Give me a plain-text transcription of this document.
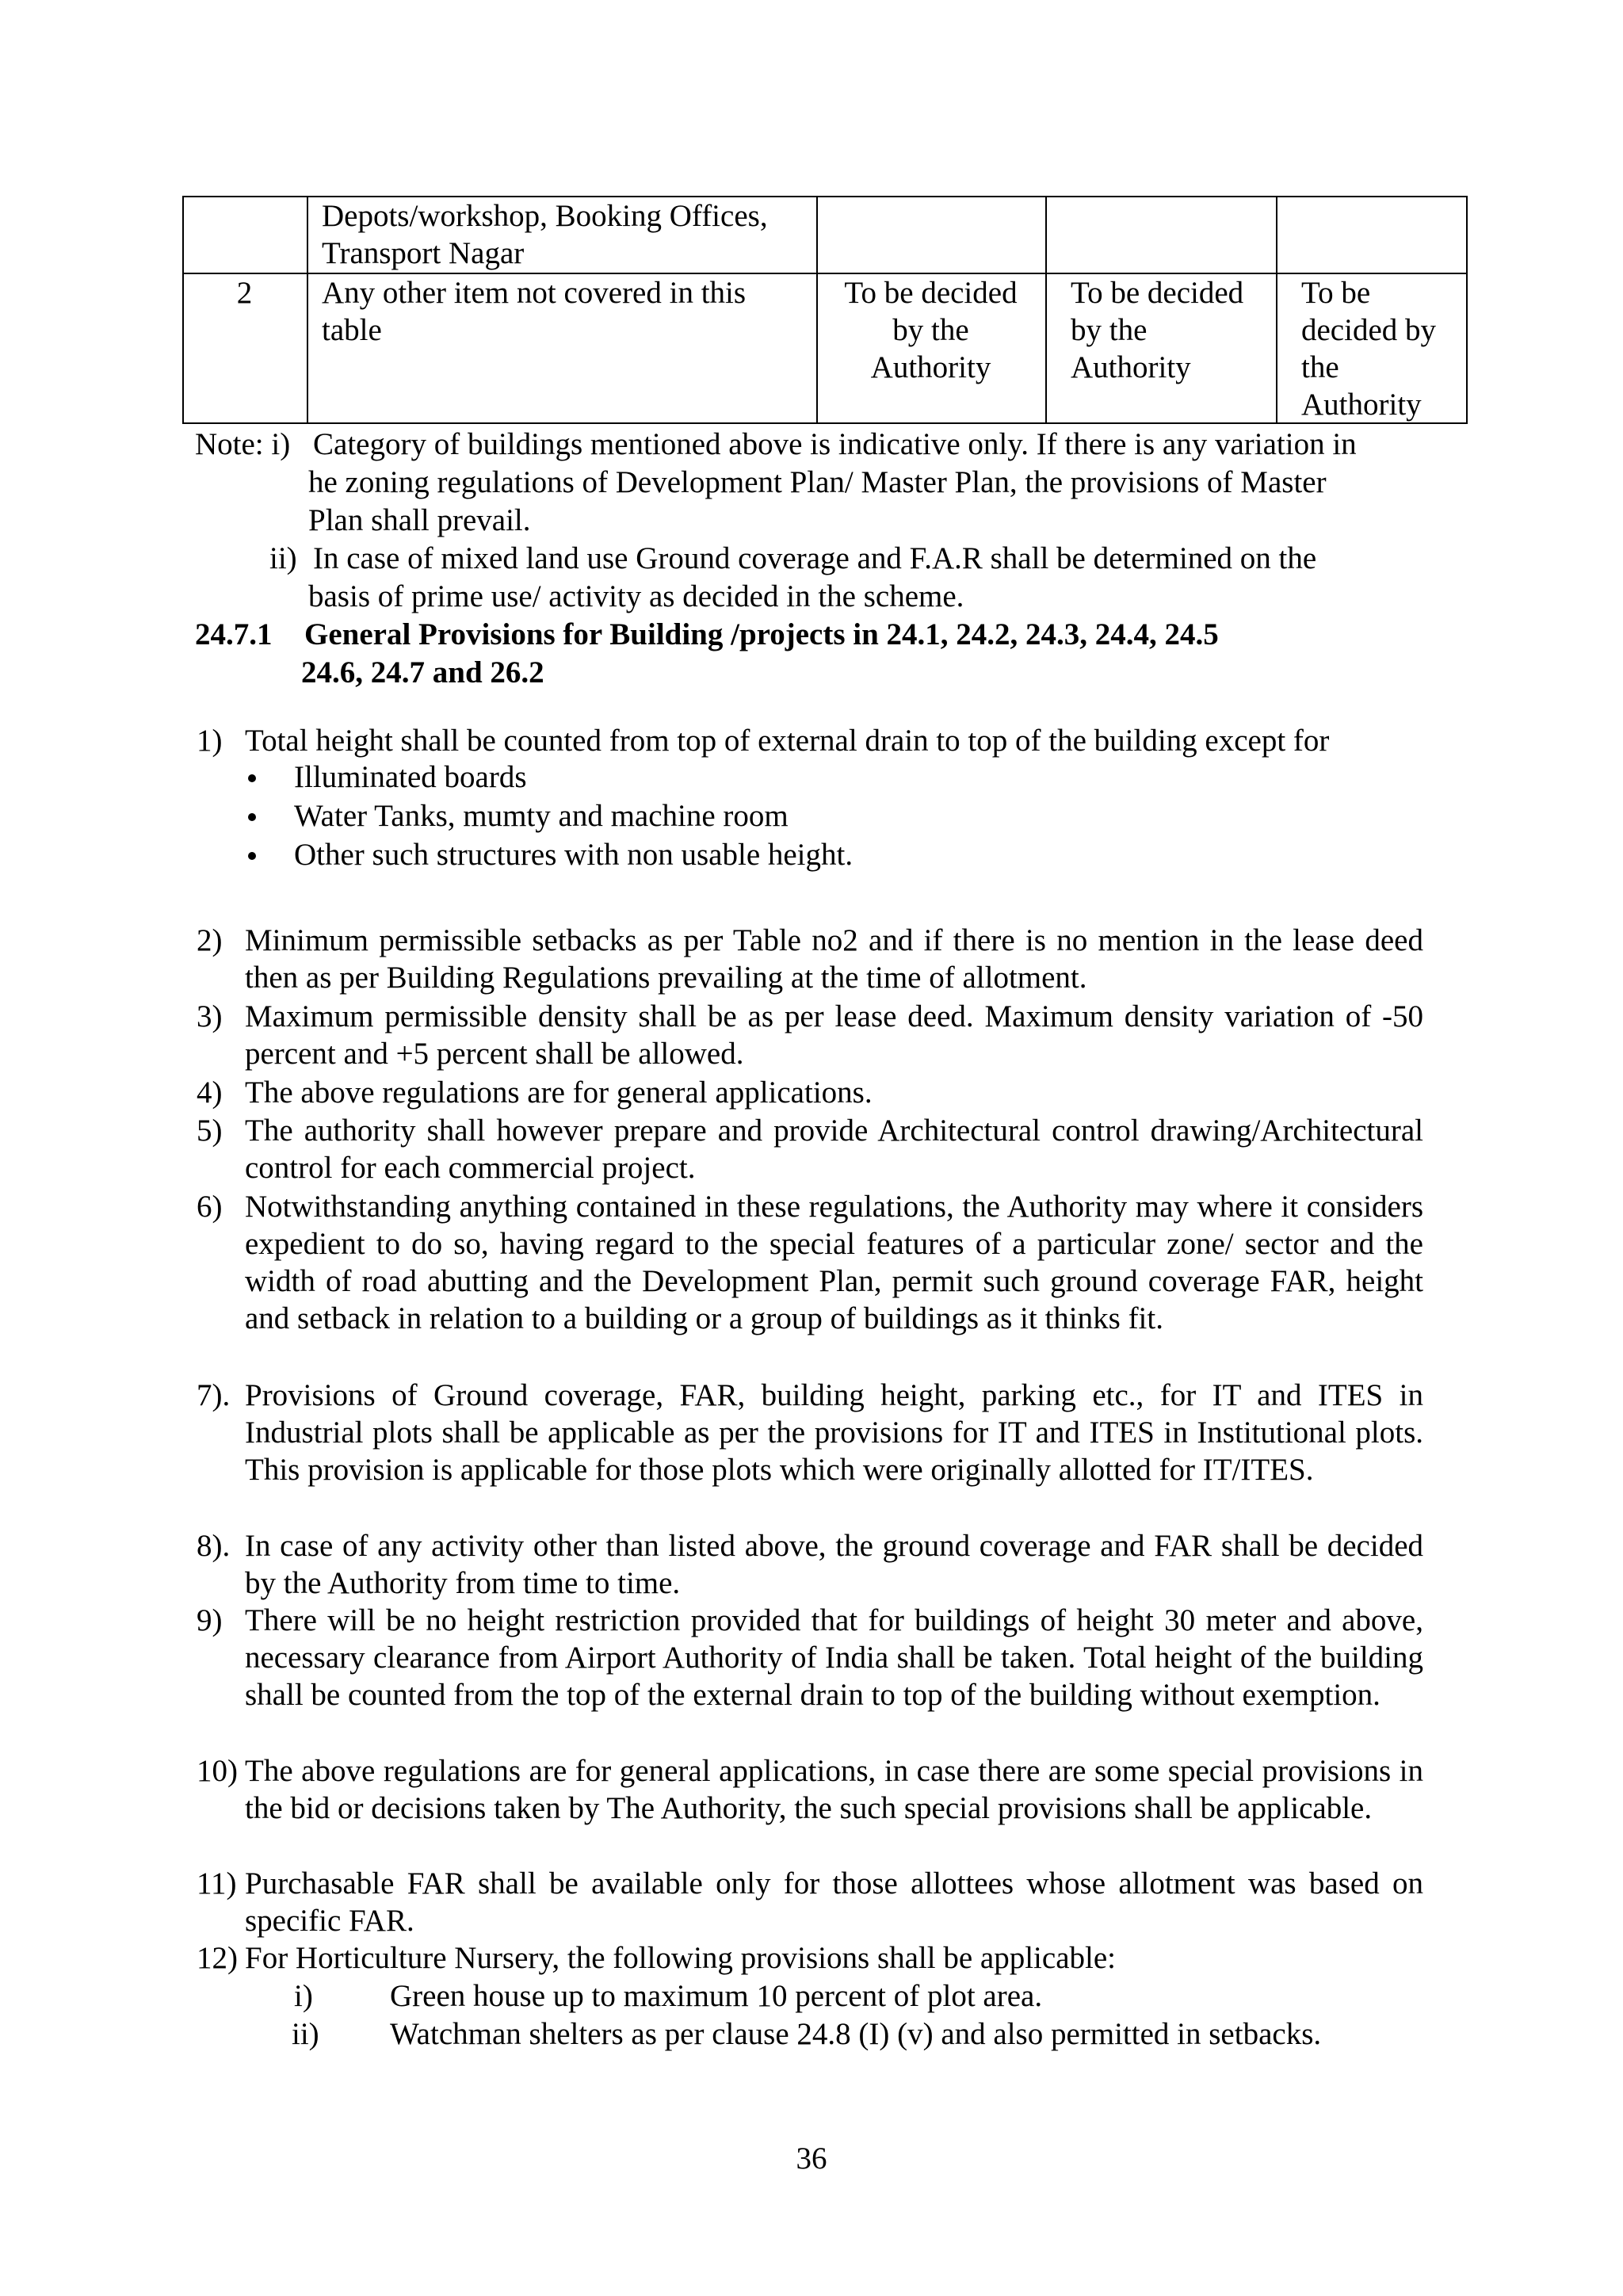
Depots/workshop, Booking Offices,
Transport Nagar
2	Any other item not covered in this
table
To be decided
by the
Authority
To be decided
by the
Authority
To be
decided by
the
Authority
Note: i) Category of buildings mentioned above is indicative only. If there is any variation in
he zoning regulations of Development Plan/ Master Plan, the provisions of Master
Plan shall prevail.
ii) In case of mixed land use Ground coverage and F.A.R shall be determined on the
basis of prime use/ activity as decided in the scheme.
24.7.1 General Provisions for Building /projects in 24.1, 24.2, 24.3, 24.4, 24.5
24.6, 24.7 and 26.2
1) Total height shall be counted from top of external drain to top of the building except for
Illuminated boards
Water Tanks, mumty and machine room
Other such structures with non usable height.
2) Minimum permissible setbacks as per Table no2 and if there is no mention in the lease deed then as per Building Regulations prevailing at the time of allotment.
3) Maximum permissible density shall be as per lease deed. Maximum density variation of -50 percent and +5 percent shall be allowed.
4) The above regulations are for general applications.
5) The authority shall however prepare and provide Architectural control drawing/Architectural control for each commercial project.
6) Notwithstanding anything contained in these regulations, the Authority may where it considers expedient to do so, having regard to the special features of a particular zone/ sector and the width of road abutting and the Development Plan, permit such ground coverage FAR, height and setback in relation to a building or a group of buildings as it thinks fit.
7). Provisions of Ground coverage, FAR, building height, parking etc., for IT and ITES in Industrial plots shall be applicable as per the provisions for IT and ITES in Institutional plots. This provision is applicable for those plots which were originally allotted for IT/ITES.
8). In case of any activity other than listed above, the ground coverage and FAR shall be decided by the Authority from time to time.
9) There will be no height restriction provided that for buildings of height 30 meter and above, necessary clearance from Airport Authority of India shall be taken. Total height of the building shall be counted from the top of the external drain to top of the building without exemption.
10) The above regulations are for general applications, in case there are some special provisions in the bid or decisions taken by The Authority, the such special provisions shall be applicable.
11) Purchasable FAR shall be available only for those allottees whose allotment was based on specific FAR.
12) For Horticulture Nursery, the following provisions shall be applicable:
i) Green house up to maximum 10 percent of plot area.
ii) Watchman shelters as per clause 24.8 (I) (v) and also permitted in setbacks.
36
